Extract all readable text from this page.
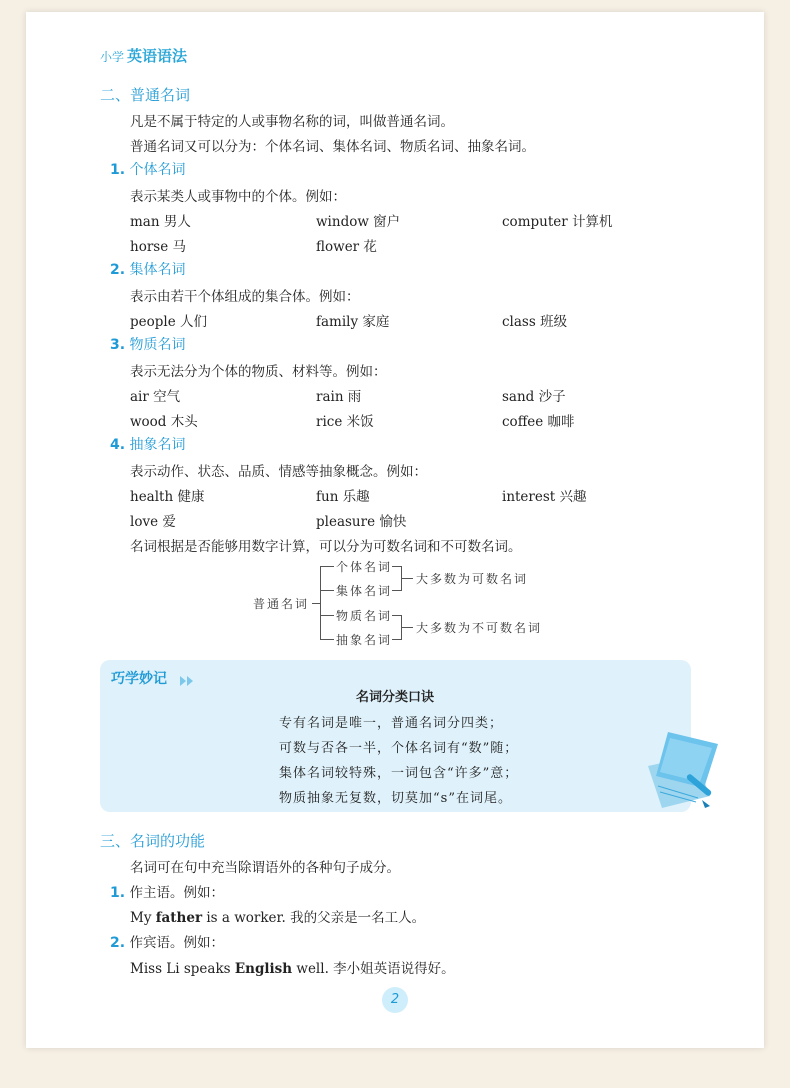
小学 英语语法
二、普通名词
凡是不属于特定的人或事物名称的词，叫做普通名词。
普通名词又可以分为：个体名词、集体名词、物质名词、抽象名词。
1. 个体名词
表示某类人或事物中的个体。例如：
man 男人	window 窗户	computer 计算机
horse 马	flower 花
2. 集体名词
表示由若干个体组成的集合体。例如：
people 人们	family 家庭	class 班级
3. 物质名词
表示无法分为个体的物质、材料等。例如：
air 空气	rain 雨	sand 沙子
wood 木头	rice 米饭	coffee 咖啡
4. 抽象名词
表示动作、状态、品质、情感等抽象概念。例如：
health 健康	fun 乐趣	interest 兴趣
love 爱	pleasure 愉快
名词根据是否能够用数字计算，可以分为可数名词和不可数名词。
普通名词
个体名词
集体名词
物质名词
抽象名词
大多数为可数名词
大多数为不可数名词
巧学妙记
名词分类口诀
专有名词是唯一，普通名词分四类；
可数与否各一半，个体名词有“数”随；
集体名词较特殊，一词包含“许多”意；
物质抽象无复数，切莫加“s”在词尾。
三、名词的功能
名词可在句中充当除谓语外的各种句子成分。
1. 作主语。例如：
My father is a worker. 我的父亲是一名工人。
2. 作宾语。例如：
Miss Li speaks English well. 李小姐英语说得好。
2
